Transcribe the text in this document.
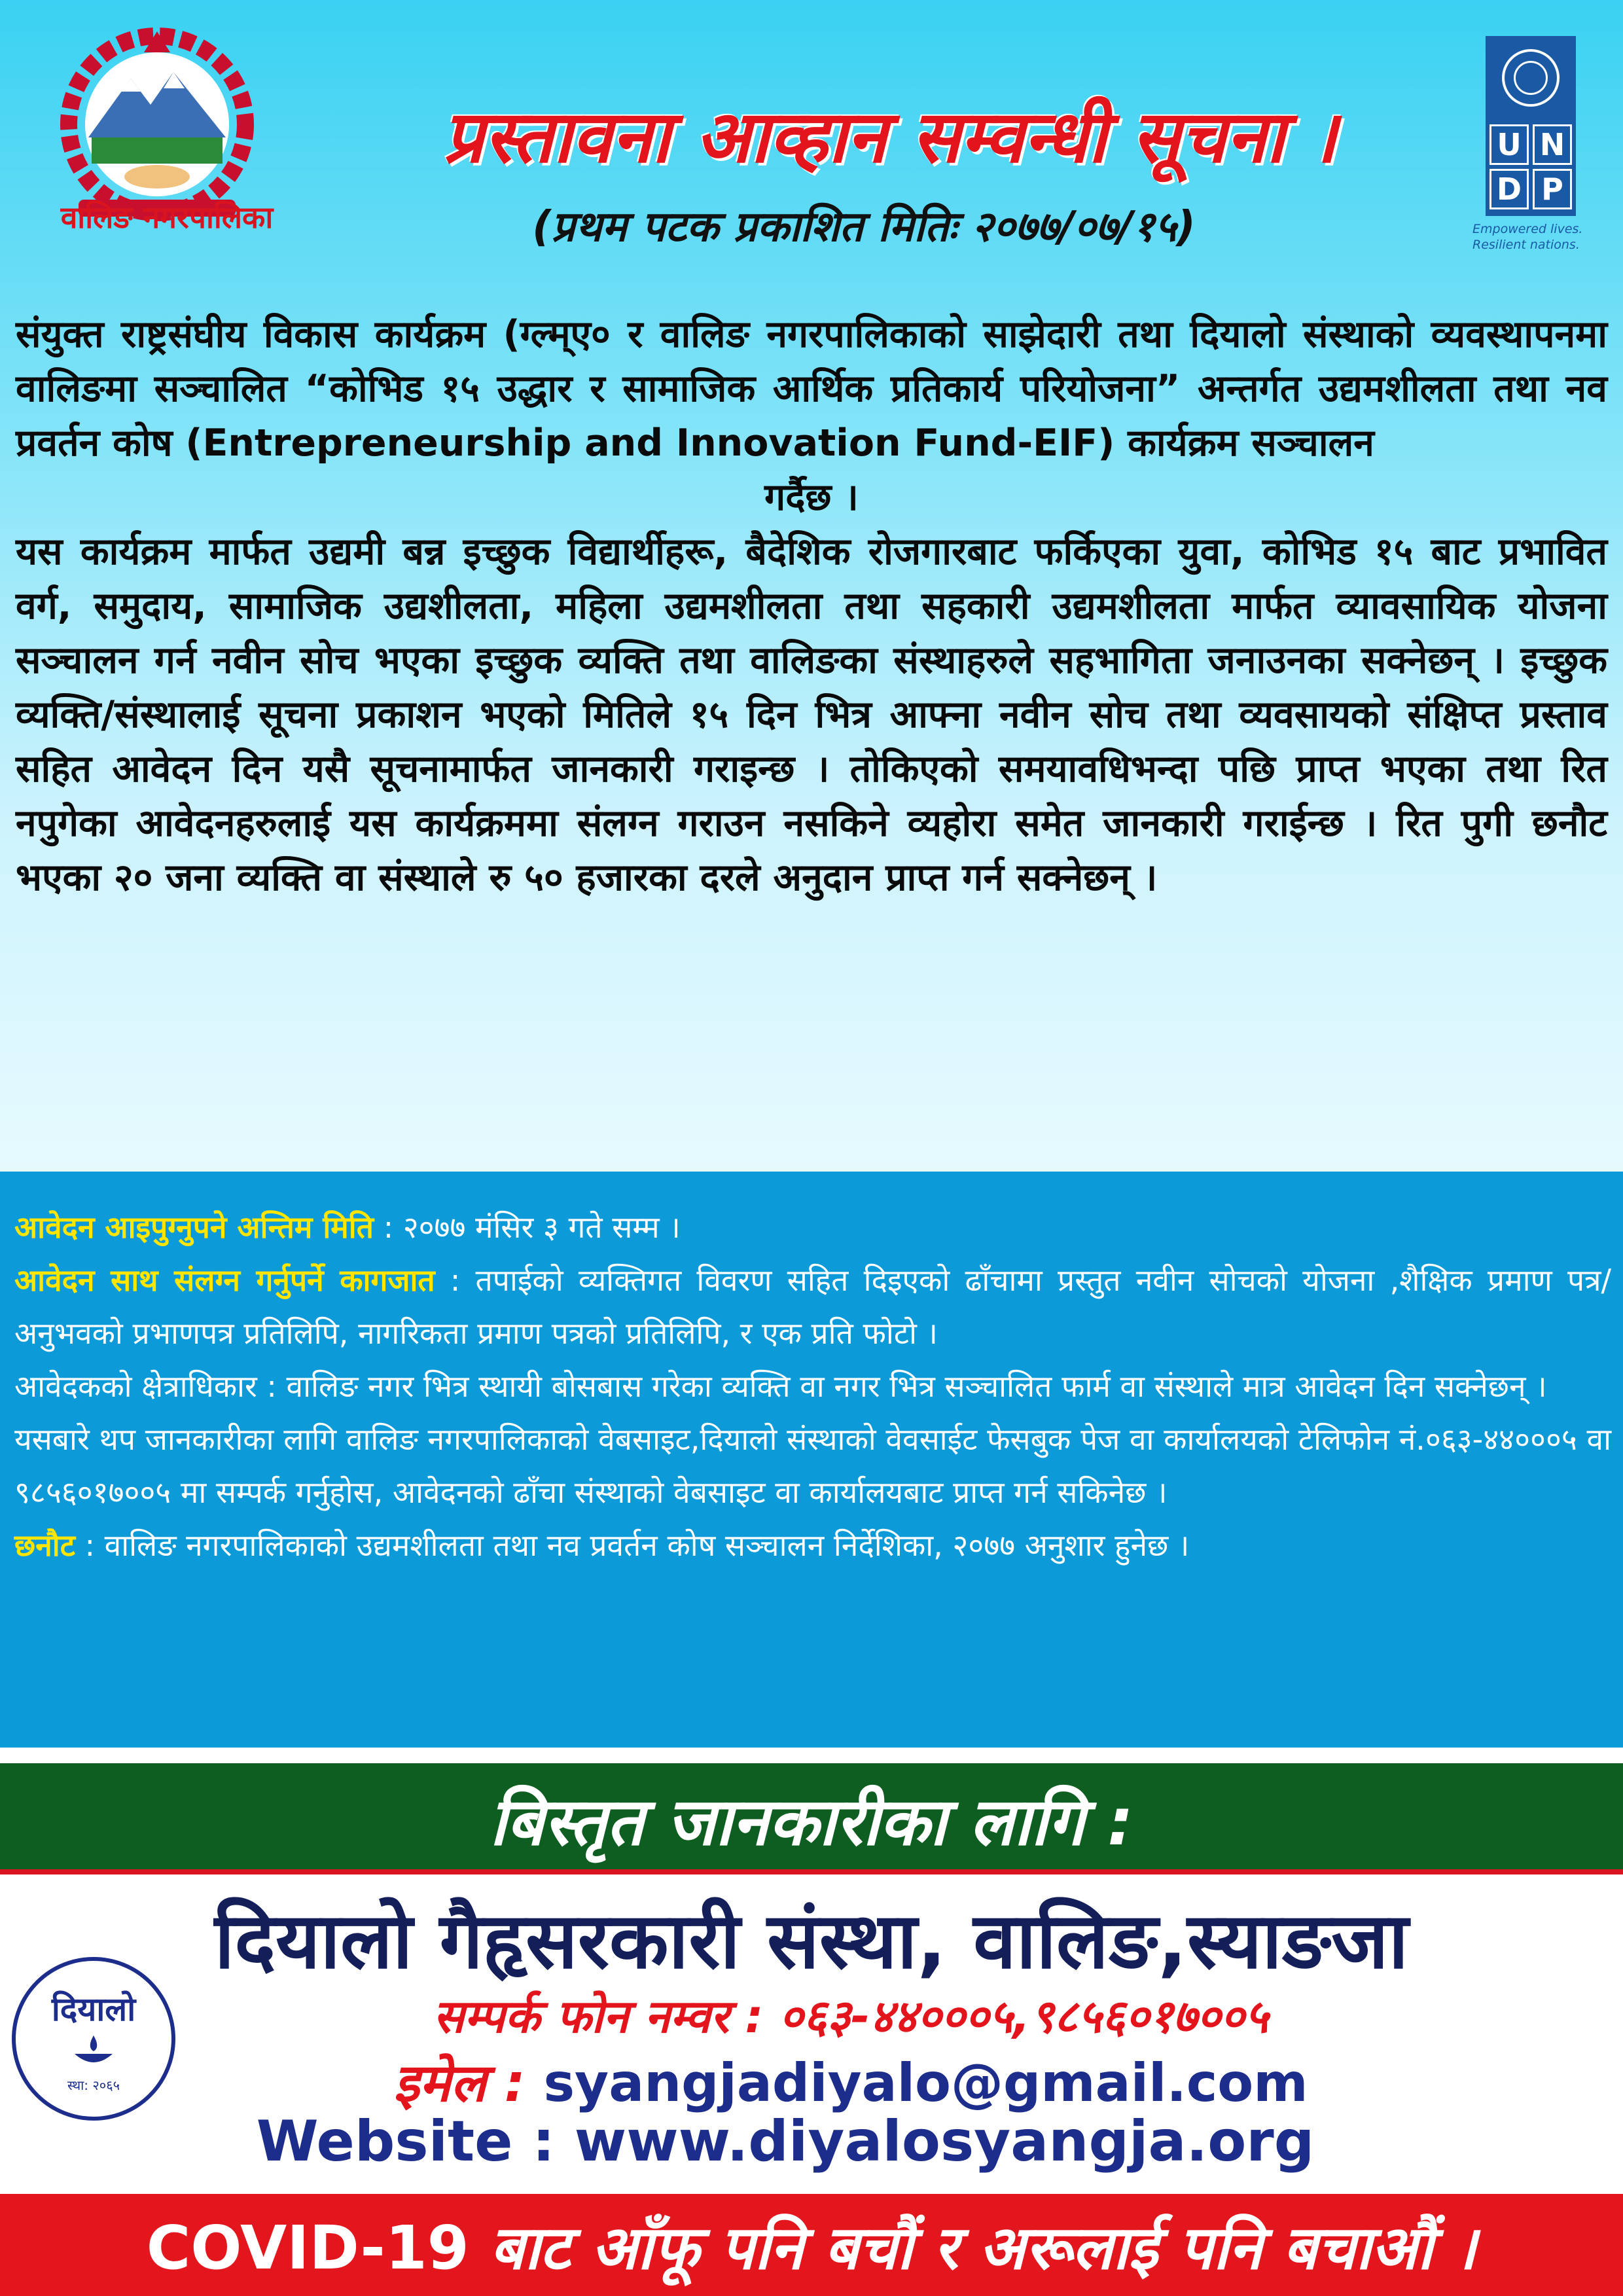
वालिङ नगरपालिका
प्रस्तावना आव्हान सम्वन्धी सूचना ।
(प्रथम पटक प्रकाशित मितिः २०७७/०७/१५)
U N
D P
Empowered lives.
Resilient nations.

संयुक्त राष्ट्रसंघीय विकास कार्यक्रम (ग्ल्म्ए० र वालिङ नगरपालिकाको साझेदारी तथा दियालो संस्थाको व्यवस्थापनमा वालिङमा सञ्चालित “कोभिड १५ उद्धार र सामाजिक आर्थिक प्रतिकार्य परियोजना” अन्तर्गत उद्यमशीलता तथा नव प्रवर्तन कोष (Entrepreneurship and Innovation Fund-EIF) कार्यक्रम सञ्चालन

गर्दैछ ।

यस कार्यक्रम मार्फत उद्यमी बन्न इच्छुक विद्यार्थीहरू, बैदेशिक रोजगारबाट फर्किएका युवा, कोभिड १५ बाट प्रभावित वर्ग, समुदाय, सामाजिक उद्यशीलता, महिला उद्यमशीलता तथा सहकारी उद्यमशीलता मार्फत व्यावसायिक योजना सञ्चालन गर्न नवीन सोच भएका इच्छुक व्यक्ति तथा वालिङका संस्थाहरुले सहभागिता जनाउनका सक्नेछन् । इच्छुक व्यक्ति/संस्थालाई सूचना प्रकाशन भएको मितिले १५ दिन भित्र आफ्ना नवीन सोच तथा व्यवसायको संक्षिप्त प्रस्ताव सहित आवेदन दिन यसै सूचनामार्फत जानकारी गराइन्छ । तोकिएको समयावधिभन्दा पछि प्राप्त भएका तथा रित नपुगेका आवेदनहरुलाई यस कार्यक्रममा संलग्न गराउन नसकिने व्यहोरा समेत जानकारी गराईन्छ । रित पुगी छनौट भएका २० जना व्यक्ति वा संस्थाले रु ५० हजारका दरले अनुदान प्राप्त गर्न सक्नेछन् ।

आवेदन आइपुग्नुपने अन्तिम मिति : २०७७ मंसिर ३ गते सम्म ।

आवेदन साथ संलग्न गर्नुपर्ने कागजात : तपाईको व्यक्तिगत विवरण सहित दिइएको ढाँचामा प्रस्तुत नवीन सोचको योजना ,शैक्षिक प्रमाण पत्र/अनुभवको प्रभाणपत्र प्रतिलिपि, नागरिकता प्रमाण पत्रको प्रतिलिपि, र एक प्रति फोटो ।

आवेदकको क्षेत्राधिकार : वालिङ नगर भित्र स्थायी बोसबास गरेका व्यक्ति वा नगर भित्र सञ्चालित फार्म वा संस्थाले मात्र आवेदन दिन सक्नेछन् ।

यसबारे थप जानकारीका लागि वालिङ नगरपालिकाको वेबसाइट,दियालो संस्थाको वेवसाईट फेसबुक पेज वा कार्यालयको टेलिफोन नं.०६३-४४०००५ वा ९८५६०१७००५ मा सम्पर्क गर्नुहोस, आवेदनको ढाँचा संस्थाको वेबसाइट वा कार्यालयबाट प्राप्त गर्न सकिनेछ ।

छनौट : वालिङ नगरपालिकाको उद्यमशीलता तथा नव प्रवर्तन कोष सञ्चालन निर्देशिका, २०७७ अनुशार हुनेछ ।

बिस्तृत जानकारीका लागि :
दियालो गैहृसरकारी संस्था, वालिङ,स्याङजा
दियालो
स्था: २०६५
सम्पर्क फोन नम्वर : ०६३-४४०००५,९८५६०१७००५
इमेल : syangjadiyalo@gmail.com
Website : www.diyalosyangja.org
COVID-19 बाट आँफू पनि बचौं र अरूलाई पनि बचाऔं ।
